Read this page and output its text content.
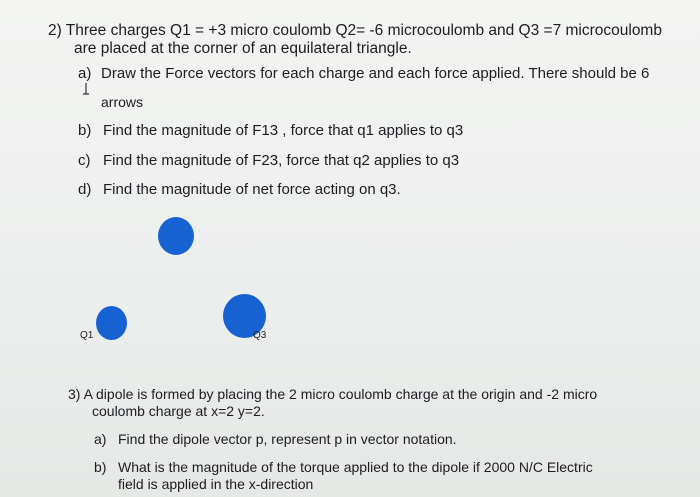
2) Three charges Q1 = +3 micro coulomb Q2= -6 microcoulomb and Q3 =7 microcoulomb
are placed at the corner of an equilateral triangle.
a) Draw the Force vectors for each charge and each force applied. There should be 6
arrows
b) Find the magnitude of F13 , force that q1 applies to q3
c) Find the magnitude of F23, force that q2 applies to q3
d) Find the magnitude of net force acting on q3.
Q1	Q3
3) A dipole is formed by placing the 2 micro coulomb charge at the origin and -2 micro
coulomb charge at x=2 y=2.
a) Find the dipole vector p, represent p in vector notation.
b) What is the magnitude of the torque applied to the dipole if 2000 N/C Electric
field is applied in the x-direction
